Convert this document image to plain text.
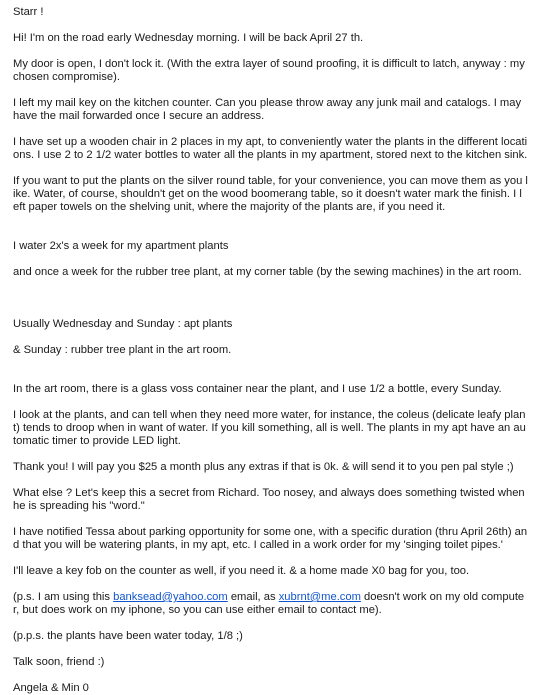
Starr !

Hi! I'm on the road early Wednesday morning. I will be back April 27 th.

My door is open, I don't lock it. (With the extra layer of sound proofing, it is difficult to latch, anyway : my chosen compromise).

I left my mail key on the kitchen counter. Can you please throw away any junk mail and catalogs. I may have the mail forwarded once I secure an address.

I have set up a wooden chair in 2 places in my apt, to conveniently water the plants in the different locations. I use 2 to 2 1/2 water bottles to water all the plants in my apartment, stored next to the kitchen sink.

If you want to put the plants on the silver round table, for your convenience, you can move them as you like. Water, of course, shouldn't get on the wood boomerang table, so it doesn't water mark the finish. I left paper towels on the shelving unit, where the majority of the plants are, if you need it.

I water 2x's a week for my apartment plants

and once a week for the rubber tree plant, at my corner table (by the sewing machines) in the art room.

Usually Wednesday and Sunday : apt plants

& Sunday : rubber tree plant in the art room.

In the art room, there is a glass voss container near the plant, and I use 1/2 a bottle, every Sunday.

I look at the plants, and can tell when they need more water, for instance, the coleus (delicate leafy plant) tends to droop when in want of water. If you kill something, all is well. The plants in my apt have an automatic timer to provide LED light.

Thank you! I will pay you $25 a month plus any extras if that is 0k. & will send it to you pen pal style ;)

What else ? Let's keep this a secret from Richard. Too nosey, and always does something twisted when he is spreading his "word."

I have notified Tessa about parking opportunity for some one, with a specific duration (thru April 26th) and that you will be watering plants, in my apt, etc. I called in a work order for my 'singing toilet pipes.'

I'll leave a key fob on the counter as well, if you need it. & a home made X0 bag for you, too.

(p.s. I am using this banksead@yahoo.com email, as xubrnt@me.com doesn't work on my old computer, but does work on my iphone, so you can use either email to contact me).

(p.p.s. the plants have been water today, 1/8 ;)

Talk soon, friend :)

Angela & Min 0
